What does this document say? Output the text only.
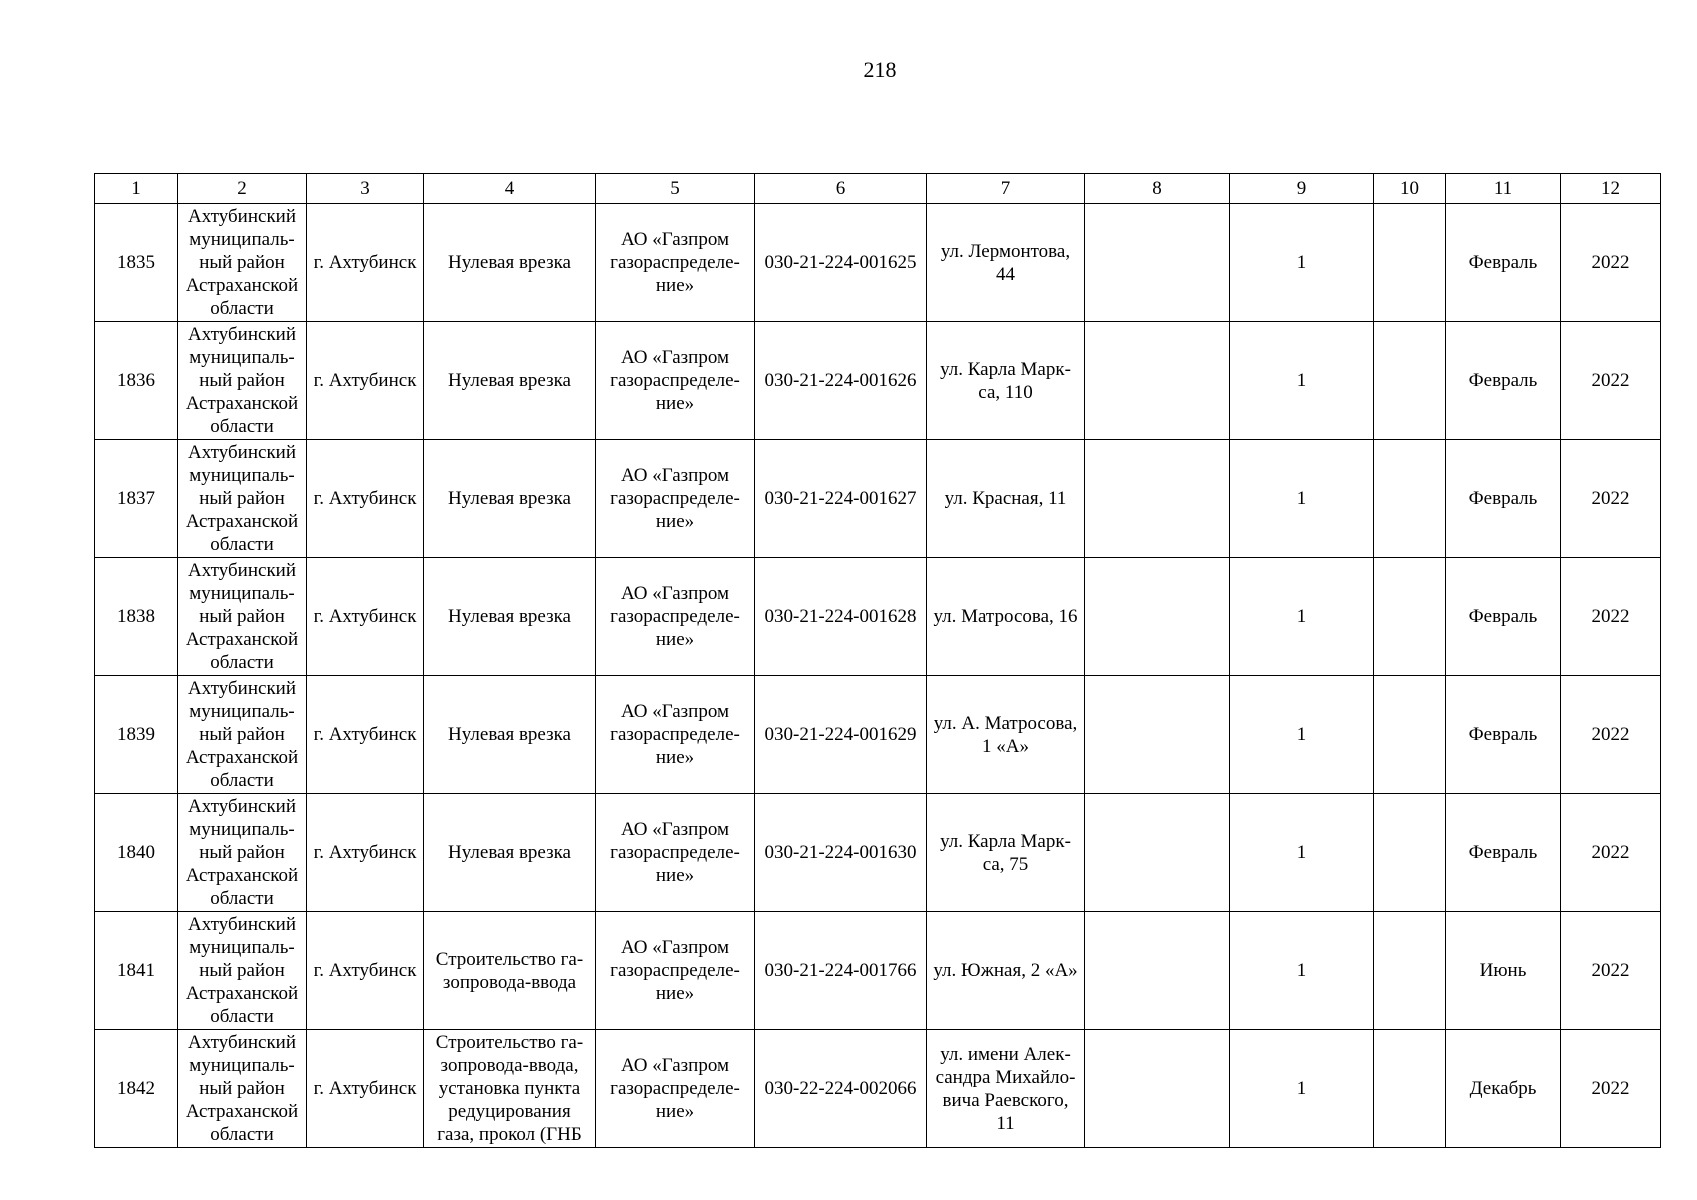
218
1	2	3	4	5	6	7	8	9	10	11	12
1835	Ахтубинский
муниципаль-
ный район
Астраханской
области	г. Ахтубинск	Нулевая врезка	АО «Газпром
газораспределе-
ние»	030-21-224-001625	ул. Лермонтова,
44		1		Февраль	2022
1836	Ахтубинский
муниципаль-
ный район
Астраханской
области	г. Ахтубинск	Нулевая врезка	АО «Газпром
газораспределе-
ние»	030-21-224-001626	ул. Карла Марк-
са, 110		1		Февраль	2022
1837	Ахтубинский
муниципаль-
ный район
Астраханской
области	г. Ахтубинск	Нулевая врезка	АО «Газпром
газораспределе-
ние»	030-21-224-001627	ул. Красная, 11		1		Февраль	2022
1838	Ахтубинский
муниципаль-
ный район
Астраханской
области	г. Ахтубинск	Нулевая врезка	АО «Газпром
газораспределе-
ние»	030-21-224-001628	ул. Матросова, 16		1		Февраль	2022
1839	Ахтубинский
муниципаль-
ный район
Астраханской
области	г. Ахтубинск	Нулевая врезка	АО «Газпром
газораспределе-
ние»	030-21-224-001629	ул. А. Матросова,
1 «А»		1		Февраль	2022
1840	Ахтубинский
муниципаль-
ный район
Астраханской
области	г. Ахтубинск	Нулевая врезка	АО «Газпром
газораспределе-
ние»	030-21-224-001630	ул. Карла Марк-
са, 75		1		Февраль	2022
1841	Ахтубинский
муниципаль-
ный район
Астраханской
области	г. Ахтубинск	Строительство га-
зопровода-ввода	АО «Газпром
газораспределе-
ние»	030-21-224-001766	ул. Южная, 2 «А»		1		Июнь	2022
1842	Ахтубинский
муниципаль-
ный район
Астраханской
области	г. Ахтубинск	Строительство га-
зопровода-ввода,
установка пункта
редуцирования
газа, прокол (ГНБ	АО «Газпром
газораспределе-
ние»	030-22-224-002066	ул. имени Алек-
сандра Михайло-
вича Раевского,
11		1		Декабрь	2022
